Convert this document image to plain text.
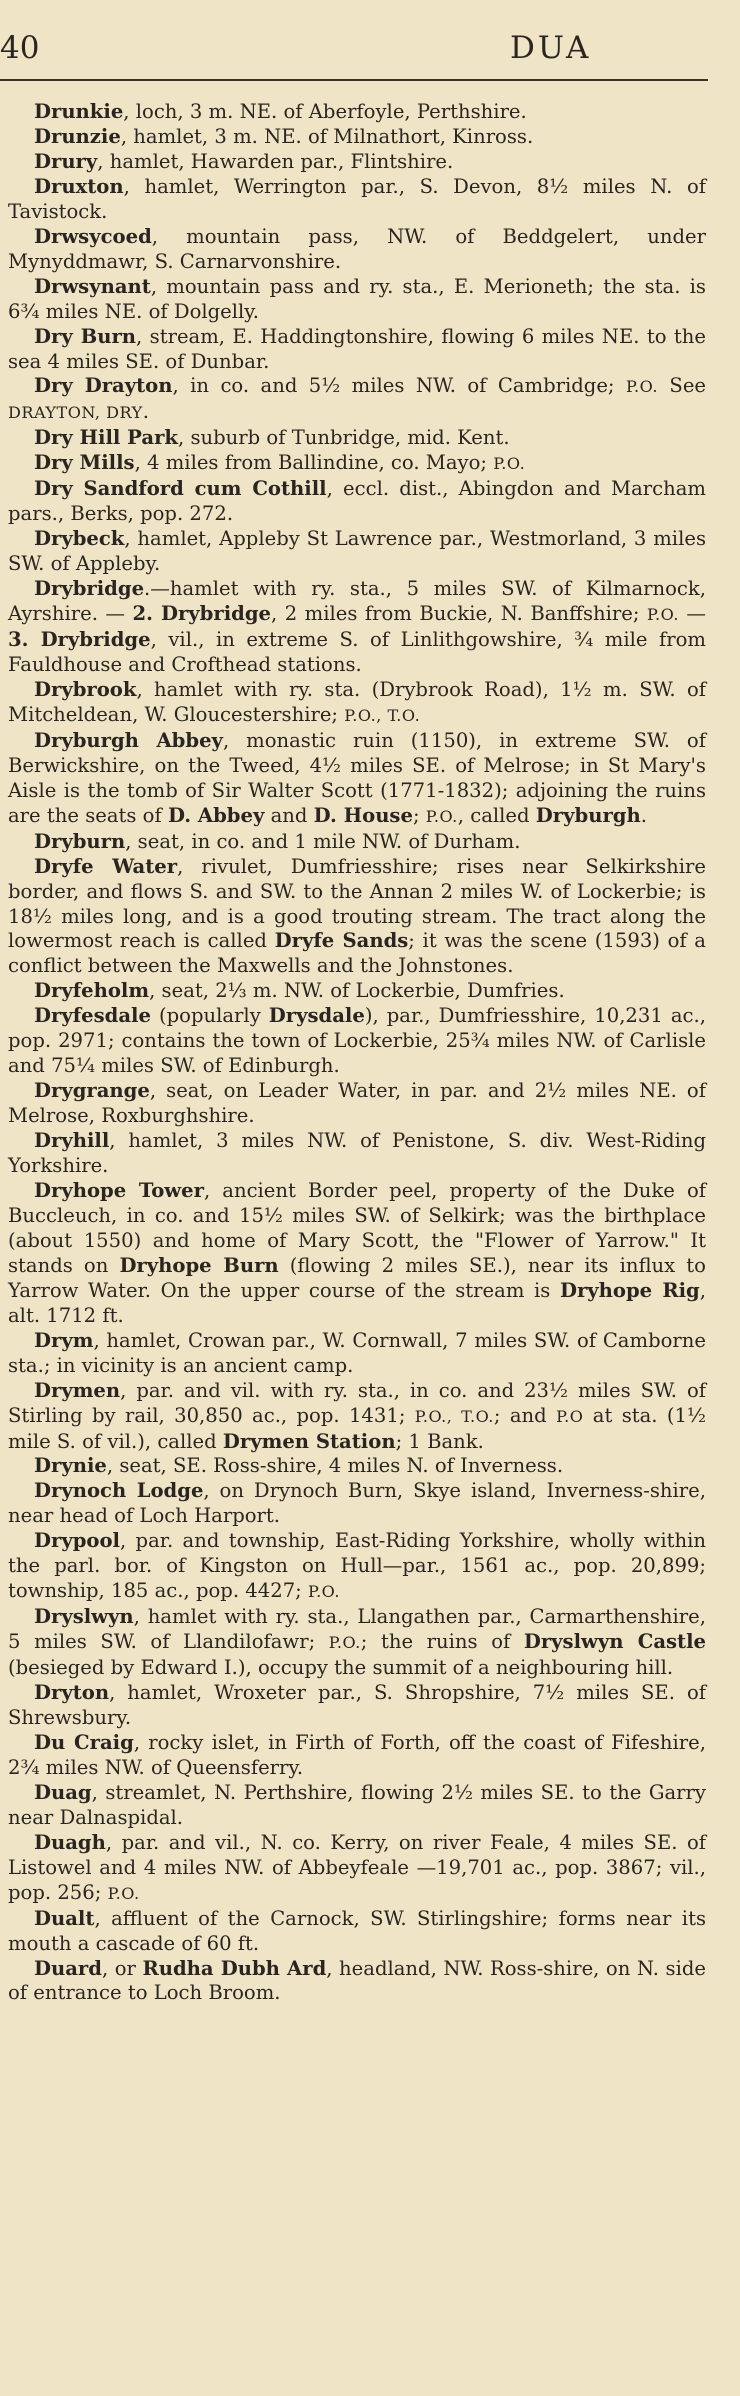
40	DUA

Drunkie, loch, 3 m. NE. of Aberfoyle, Perthshire.

Drunzie, hamlet, 3 m. NE. of Milnathort, Kinross.

Drury, hamlet, Hawarden par., Flintshire.

Druxton, hamlet, Werrington par., S. Devon, 8½ miles N. of Tavistock.

Drwsycoed, mountain pass, NW. of Beddgelert, under Mynyddmawr, S. Carnarvonshire.

Drwsynant, mountain pass and ry. sta., E. Merioneth; the sta. is 6¾ miles NE. of Dolgelly.

Dry Burn, stream, E. Haddingtonshire, flowing 6 miles NE. to the sea 4 miles SE. of Dunbar.

Dry Drayton, in co. and 5½ miles NW. of Cambridge; P.O. See DRAYTON, DRY.

Dry Hill Park, suburb of Tunbridge, mid. Kent.

Dry Mills, 4 miles from Ballindine, co. Mayo; P.O.

Dry Sandford cum Cothill, eccl. dist., Abingdon and Marcham pars., Berks, pop. 272.

Drybeck, hamlet, Appleby St Lawrence par., Westmorland, 3 miles SW. of Appleby.

Drybridge.—hamlet with ry. sta., 5 miles SW. of Kilmarnock, Ayrshire. — 2. Drybridge, 2 miles from Buckie, N. Banffshire; P.O. — 3. Drybridge, vil., in extreme S. of Linlithgowshire, ¾ mile from Fauldhouse and Crofthead stations.

Drybrook, hamlet with ry. sta. (Drybrook Road), 1½ m. SW. of Mitcheldean, W. Gloucestershire; P.O., T.O.

Dryburgh Abbey, monastic ruin (1150), in extreme SW. of Berwickshire, on the Tweed, 4½ miles SE. of Melrose; in St Mary's Aisle is the tomb of Sir Walter Scott (1771-1832); adjoining the ruins are the seats of D. Abbey and D. House; P.O., called Dryburgh.

Dryburn, seat, in co. and 1 mile NW. of Durham.

Dryfe Water, rivulet, Dumfriesshire; rises near Selkirkshire border, and flows S. and SW. to the Annan 2 miles W. of Lockerbie; is 18½ miles long, and is a good trouting stream. The tract along the lowermost reach is called Dryfe Sands; it was the scene (1593) of a conflict between the Maxwells and the Johnstones.

Dryfeholm, seat, 2⅓ m. NW. of Lockerbie, Dumfries.

Dryfesdale (popularly Drysdale), par., Dumfriesshire, 10,231 ac., pop. 2971; contains the town of Lockerbie, 25¾ miles NW. of Carlisle and 75¼ miles SW. of Edinburgh.

Drygrange, seat, on Leader Water, in par. and 2½ miles NE. of Melrose, Roxburghshire.

Dryhill, hamlet, 3 miles NW. of Penistone, S. div. West-Riding Yorkshire.

Dryhope Tower, ancient Border peel, property of the Duke of Buccleuch, in co. and 15½ miles SW. of Selkirk; was the birthplace (about 1550) and home of Mary Scott, the "Flower of Yarrow." It stands on Dryhope Burn (flowing 2 miles SE.), near its influx to Yarrow Water. On the upper course of the stream is Dryhope Rig, alt. 1712 ft.

Drym, hamlet, Crowan par., W. Cornwall, 7 miles SW. of Camborne sta.; in vicinity is an ancient camp.

Drymen, par. and vil. with ry. sta., in co. and 23½ miles SW. of Stirling by rail, 30,850 ac., pop. 1431; P.O., T.O.; and P.O at sta. (1½ mile S. of vil.), called Drymen Station; 1 Bank.

Drynie, seat, SE. Ross-shire, 4 miles N. of Inverness.

Drynoch Lodge, on Drynoch Burn, Skye island, Inverness-shire, near head of Loch Harport.

Drypool, par. and township, East-Riding Yorkshire, wholly within the parl. bor. of Kingston on Hull—par., 1561 ac., pop. 20,899; township, 185 ac., pop. 4427; P.O.

Dryslwyn, hamlet with ry. sta., Llangathen par., Carmarthenshire, 5 miles SW. of Llandilofawr; P.O.; the ruins of Dryslwyn Castle (besieged by Edward I.), occupy the summit of a neighbouring hill.

Dryton, hamlet, Wroxeter par., S. Shropshire, 7½ miles SE. of Shrewsbury.

Du Craig, rocky islet, in Firth of Forth, off the coast of Fifeshire, 2¾ miles NW. of Queensferry.

Duag, streamlet, N. Perthshire, flowing 2½ miles SE. to the Garry near Dalnaspidal.

Duagh, par. and vil., N. co. Kerry, on river Feale, 4 miles SE. of Listowel and 4 miles NW. of Abbeyfeale —19,701 ac., pop. 3867; vil., pop. 256; P.O.

Dualt, affluent of the Carnock, SW. Stirlingshire; forms near its mouth a cascade of 60 ft.

Duard, or Rudha Dubh Ard, headland, NW. Ross-shire, on N. side of entrance to Loch Broom.
